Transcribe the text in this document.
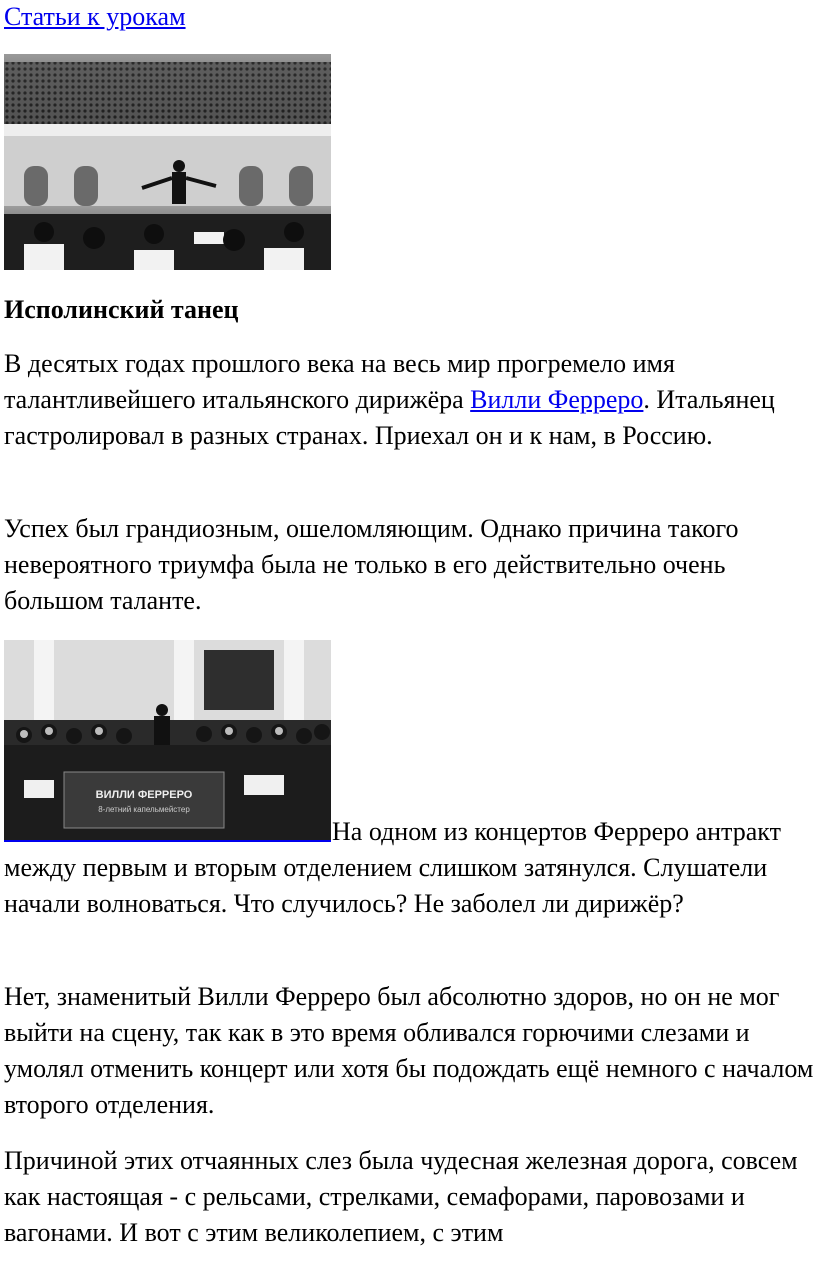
Статьи к урокам
Исполинский танец

В десятых годах прошлого века на весь мир прогремело имя талантливейшего итальянского дирижёра Вилли Ферреро. Итальянец гастролировал в разных странах. Приехал он и к нам, в Россию.

Успех был грандиозным, ошеломляющим. Однако причина такого невероятного триумфа была не только в его действительно очень большом таланте.

ВИЛЛИ ФЕРРЕРО
8-летний капельмейстер

На одном из концертов Ферреро антракт между первым и вторым отделением слишком затянулся. Слушатели начали волноваться. Что случилось? Не заболел ли дирижёр?

Нет, знаменитый Вилли Ферреро был абсолютно здоров, но он не мог выйти на сцену, так как в это время обливался горючими слезами и умолял отменить концерт или хотя бы подождать ещё немного с началом второго отделения.

Причиной этих отчаянных слез была чудесная железная дорога, совсем как настоящая - с рельсами, стрелками, семафорами, паровозами и вагонами. И вот с этим великолепием, с этим
